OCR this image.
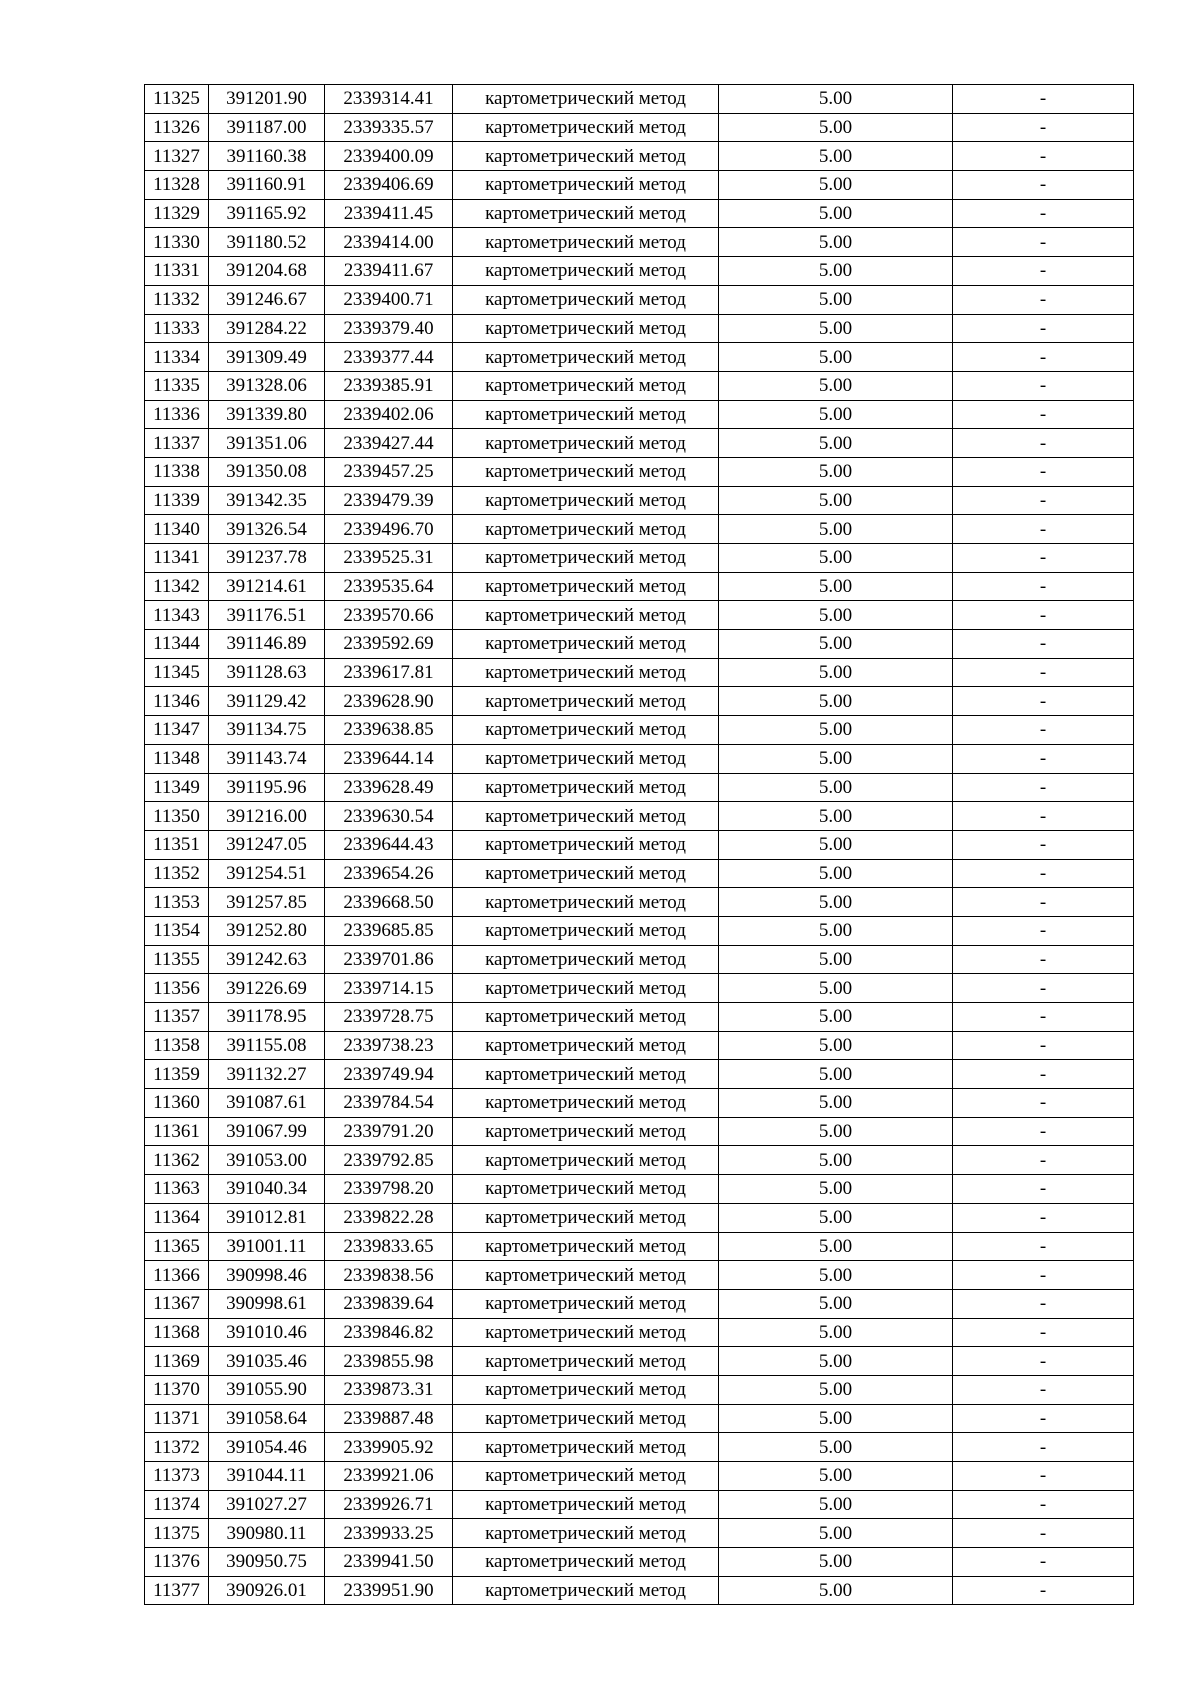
11325	391201.90	2339314.41	картометрический метод	5.00	-
11326	391187.00	2339335.57	картометрический метод	5.00	-
11327	391160.38	2339400.09	картометрический метод	5.00	-
11328	391160.91	2339406.69	картометрический метод	5.00	-
11329	391165.92	2339411.45	картометрический метод	5.00	-
11330	391180.52	2339414.00	картометрический метод	5.00	-
11331	391204.68	2339411.67	картометрический метод	5.00	-
11332	391246.67	2339400.71	картометрический метод	5.00	-
11333	391284.22	2339379.40	картометрический метод	5.00	-
11334	391309.49	2339377.44	картометрический метод	5.00	-
11335	391328.06	2339385.91	картометрический метод	5.00	-
11336	391339.80	2339402.06	картометрический метод	5.00	-
11337	391351.06	2339427.44	картометрический метод	5.00	-
11338	391350.08	2339457.25	картометрический метод	5.00	-
11339	391342.35	2339479.39	картометрический метод	5.00	-
11340	391326.54	2339496.70	картометрический метод	5.00	-
11341	391237.78	2339525.31	картометрический метод	5.00	-
11342	391214.61	2339535.64	картометрический метод	5.00	-
11343	391176.51	2339570.66	картометрический метод	5.00	-
11344	391146.89	2339592.69	картометрический метод	5.00	-
11345	391128.63	2339617.81	картометрический метод	5.00	-
11346	391129.42	2339628.90	картометрический метод	5.00	-
11347	391134.75	2339638.85	картометрический метод	5.00	-
11348	391143.74	2339644.14	картометрический метод	5.00	-
11349	391195.96	2339628.49	картометрический метод	5.00	-
11350	391216.00	2339630.54	картометрический метод	5.00	-
11351	391247.05	2339644.43	картометрический метод	5.00	-
11352	391254.51	2339654.26	картометрический метод	5.00	-
11353	391257.85	2339668.50	картометрический метод	5.00	-
11354	391252.80	2339685.85	картометрический метод	5.00	-
11355	391242.63	2339701.86	картометрический метод	5.00	-
11356	391226.69	2339714.15	картометрический метод	5.00	-
11357	391178.95	2339728.75	картометрический метод	5.00	-
11358	391155.08	2339738.23	картометрический метод	5.00	-
11359	391132.27	2339749.94	картометрический метод	5.00	-
11360	391087.61	2339784.54	картометрический метод	5.00	-
11361	391067.99	2339791.20	картометрический метод	5.00	-
11362	391053.00	2339792.85	картометрический метод	5.00	-
11363	391040.34	2339798.20	картометрический метод	5.00	-
11364	391012.81	2339822.28	картометрический метод	5.00	-
11365	391001.11	2339833.65	картометрический метод	5.00	-
11366	390998.46	2339838.56	картометрический метод	5.00	-
11367	390998.61	2339839.64	картометрический метод	5.00	-
11368	391010.46	2339846.82	картометрический метод	5.00	-
11369	391035.46	2339855.98	картометрический метод	5.00	-
11370	391055.90	2339873.31	картометрический метод	5.00	-
11371	391058.64	2339887.48	картометрический метод	5.00	-
11372	391054.46	2339905.92	картометрический метод	5.00	-
11373	391044.11	2339921.06	картометрический метод	5.00	-
11374	391027.27	2339926.71	картометрический метод	5.00	-
11375	390980.11	2339933.25	картометрический метод	5.00	-
11376	390950.75	2339941.50	картометрический метод	5.00	-
11377	390926.01	2339951.90	картометрический метод	5.00	-
